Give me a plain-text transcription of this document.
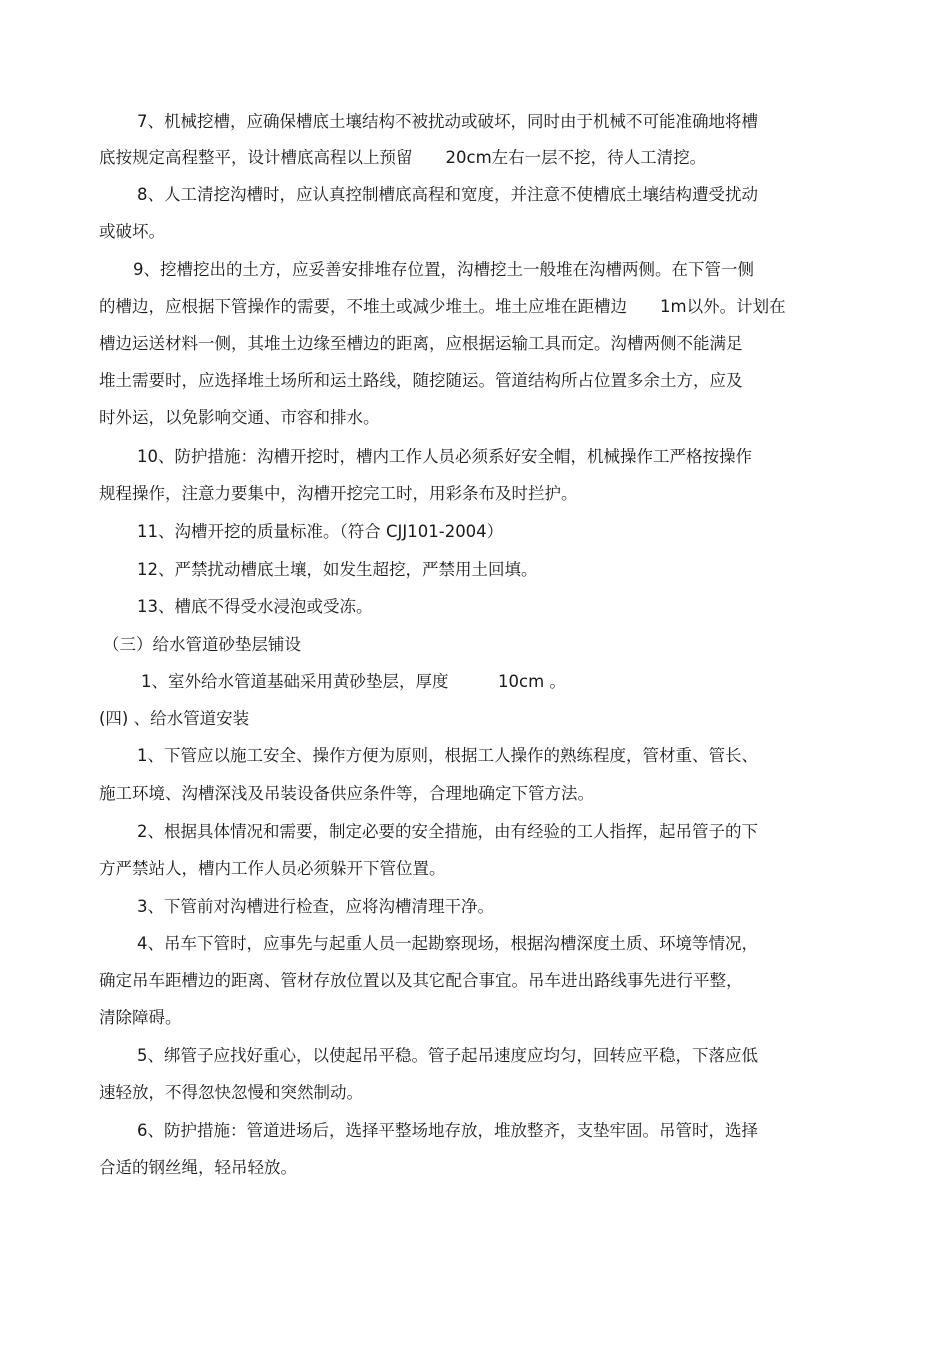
7、机械挖槽，应确保槽底土壤结构不被扰动或破坏，同时由于机械不可能准确地将槽
底按规定高程整平，设计槽底高程以上预留　　20cm左右一层不挖，待人工清挖。
8、人工清挖沟槽时，应认真控制槽底高程和宽度，并注意不使槽底土壤结构遭受扰动
或破坏。
9、挖槽挖出的土方，应妥善安排堆存位置，沟槽挖土一般堆在沟槽两侧。在下管一侧
的槽边，应根据下管操作的需要，不堆土或减少堆土。堆土应堆在距槽边　　1m以外。计划在
槽边运送材料一侧，其堆土边缘至槽边的距离，应根据运输工具而定。沟槽两侧不能满足
堆土需要时，应选择堆土场所和运土路线，随挖随运。管道结构所占位置多余土方，应及
时外运，以免影响交通、市容和排水。
10、防护措施：沟槽开挖时，槽内工作人员必须系好安全帽，机械操作工严格按操作
规程操作，注意力要集中，沟槽开挖完工时，用彩条布及时拦护。
11、沟槽开挖的质量标准。（符合 CJJ101-2004）
12、严禁扰动槽底土壤，如发生超挖，严禁用土回填。
13、槽底不得受水浸泡或受冻。
（三）给水管道砂垫层铺设
1、室外给水管道基础采用黄砂垫层，厚度　　　10cm 。
(四) 、给水管道安装
1、下管应以施工安全、操作方便为原则，根据工人操作的熟练程度，管材重、管长、
施工环境、沟槽深浅及吊装设备供应条件等，合理地确定下管方法。
2、根据具体情况和需要，制定必要的安全措施，由有经验的工人指挥，起吊管子的下
方严禁站人，槽内工作人员必须躲开下管位置。
3、下管前对沟槽进行检查，应将沟槽清理干净。
4、吊车下管时，应事先与起重人员一起勘察现场，根据沟槽深度土质、环境等情况，
确定吊车距槽边的距离、管材存放位置以及其它配合事宜。吊车进出路线事先进行平整，
清除障碍。
5、绑管子应找好重心，以使起吊平稳。管子起吊速度应均匀，回转应平稳，下落应低
速轻放，不得忽快忽慢和突然制动。
6、防护措施：管道进场后，选择平整场地存放，堆放整齐，支垫牢固。吊管时，选择
合适的钢丝绳，轻吊轻放。
